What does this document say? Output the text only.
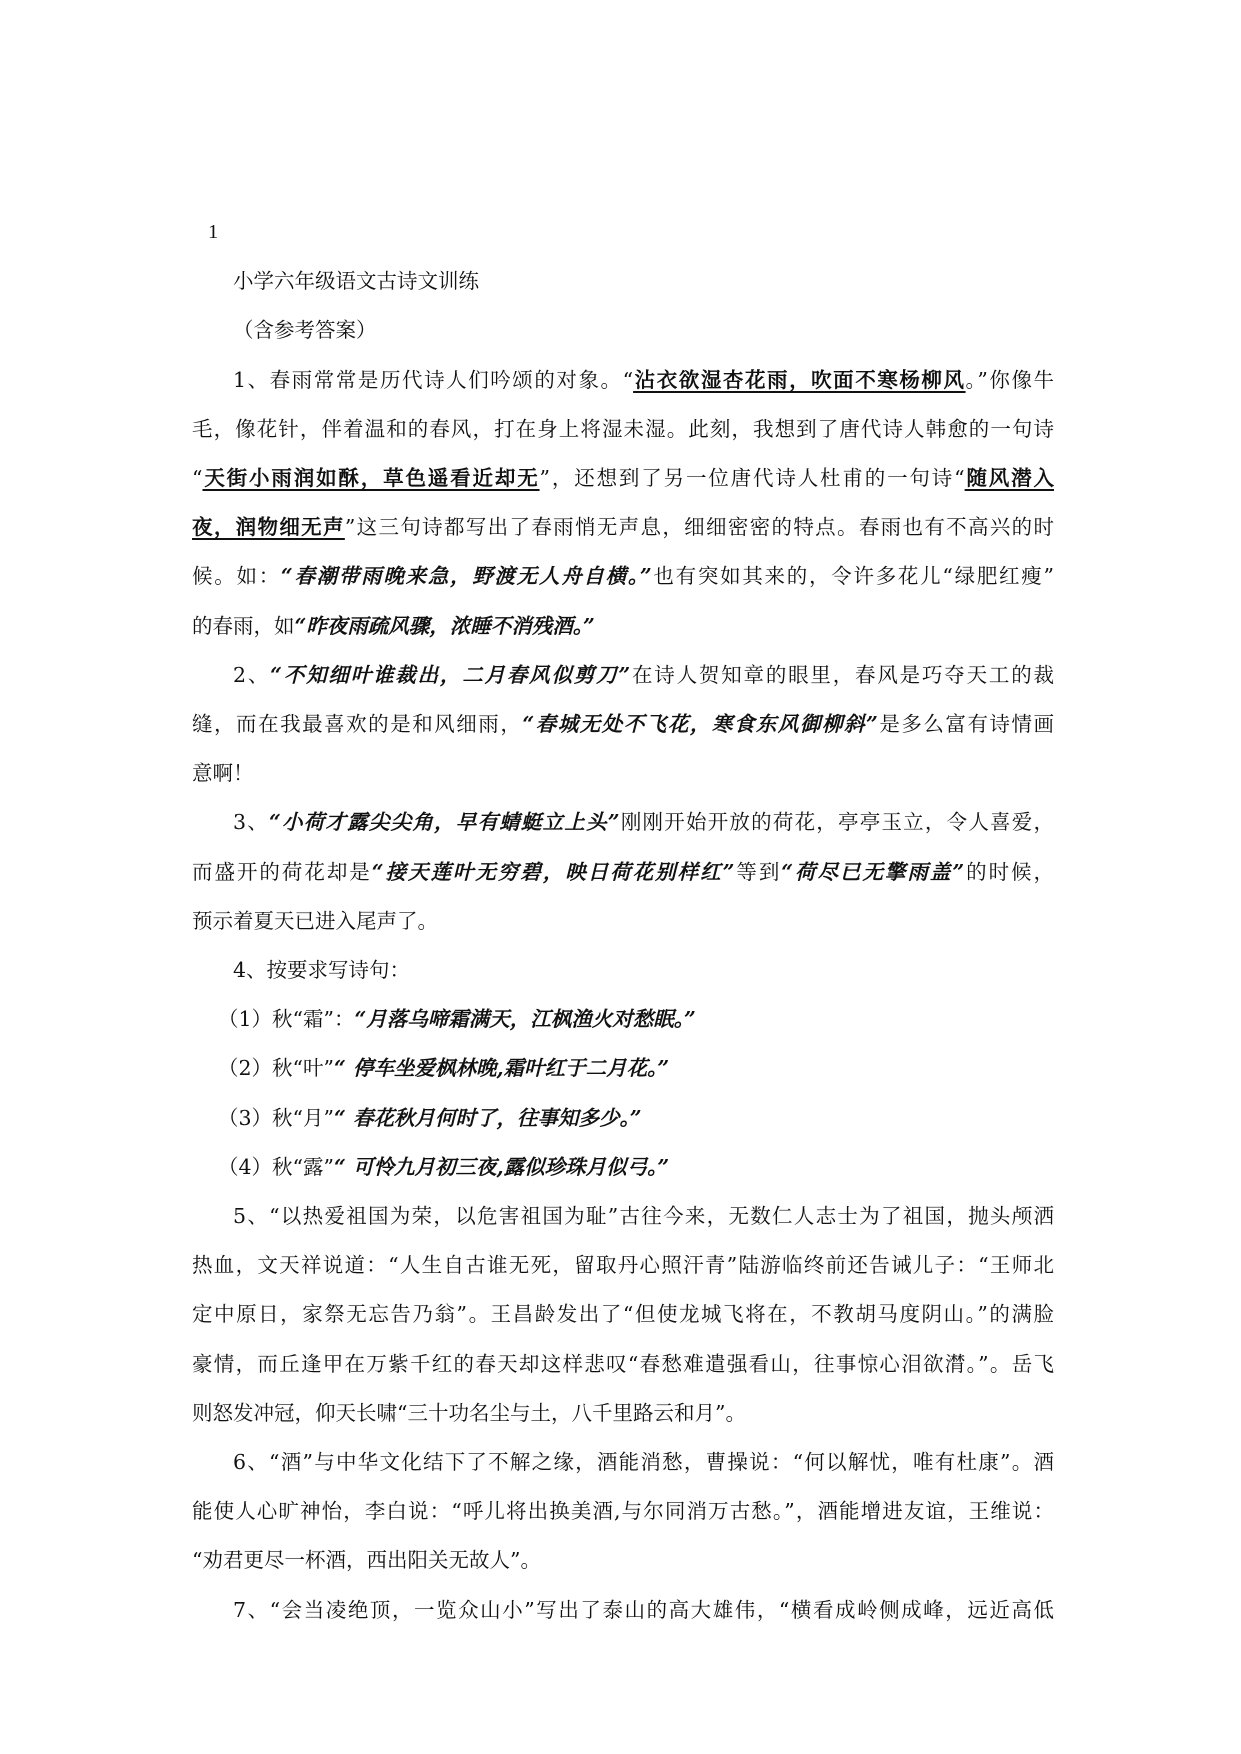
1
小学六年级语文古诗文训练
（含参考答案）
1、春雨常常是历代诗人们吟颂的对象。“沾衣欲湿杏花雨，吹面不寒杨柳风。”你像牛
毛，像花针，伴着温和的春风，打在身上将湿未湿。此刻，我想到了唐代诗人韩愈的一句诗
“天街小雨润如酥，草色遥看近却无”，还想到了另一位唐代诗人杜甫的一句诗“随风潜入
夜，润物细无声”这三句诗都写出了春雨悄无声息，细细密密的特点。春雨也有不高兴的时
候。如：“春潮带雨晚来急，野渡无人舟自横。”也有突如其来的，令许多花儿“绿肥红瘦”
的春雨，如“昨夜雨疏风骤，浓睡不消残酒。”
2、“不知细叶谁裁出，二月春风似剪刀”在诗人贺知章的眼里，春风是巧夺天工的裁
缝，而在我最喜欢的是和风细雨，“春城无处不飞花，寒食东风御柳斜”是多么富有诗情画
意啊！
3、“小荷才露尖尖角，早有蜻蜓立上头”刚刚开始开放的荷花，亭亭玉立，令人喜爱，
而盛开的荷花却是“接天莲叶无穷碧，映日荷花别样红”等到“荷尽已无擎雨盖”的时候，
预示着夏天已进入尾声了。
4、按要求写诗句：
（1）秋“霜”：“月落乌啼霜满天，江枫渔火对愁眠。”
（2）秋“叶”“ 停车坐爱枫林晚,霜叶红于二月花。”
（3）秋“月”“ 春花秋月何时了，往事知多少。”
（4）秋“露”“ 可怜九月初三夜,露似珍珠月似弓。”
5、“以热爱祖国为荣，以危害祖国为耻”古往今来，无数仁人志士为了祖国，抛头颅洒
热血，文天祥说道：“人生自古谁无死，留取丹心照汗青”陆游临终前还告诫儿子：“王师北
定中原日，家祭无忘告乃翁”。王昌龄发出了“但使龙城飞将在，不教胡马度阴山。”的满脸
豪情，而丘逢甲在万紫千红的春天却这样悲叹“春愁难遣强看山，往事惊心泪欲潸。”。岳飞
则怒发冲冠，仰天长啸“三十功名尘与土，八千里路云和月”。
6、“酒”与中华文化结下了不解之缘，酒能消愁，曹操说：“何以解忧，唯有杜康”。酒
能使人心旷神怡，李白说：“呼儿将出换美酒,与尔同消万古愁。”，酒能增进友谊，王维说：
“劝君更尽一杯酒，西出阳关无故人”。
7、“会当凌绝顶，一览众山小”写出了泰山的高大雄伟，“横看成岭侧成峰，远近高低
